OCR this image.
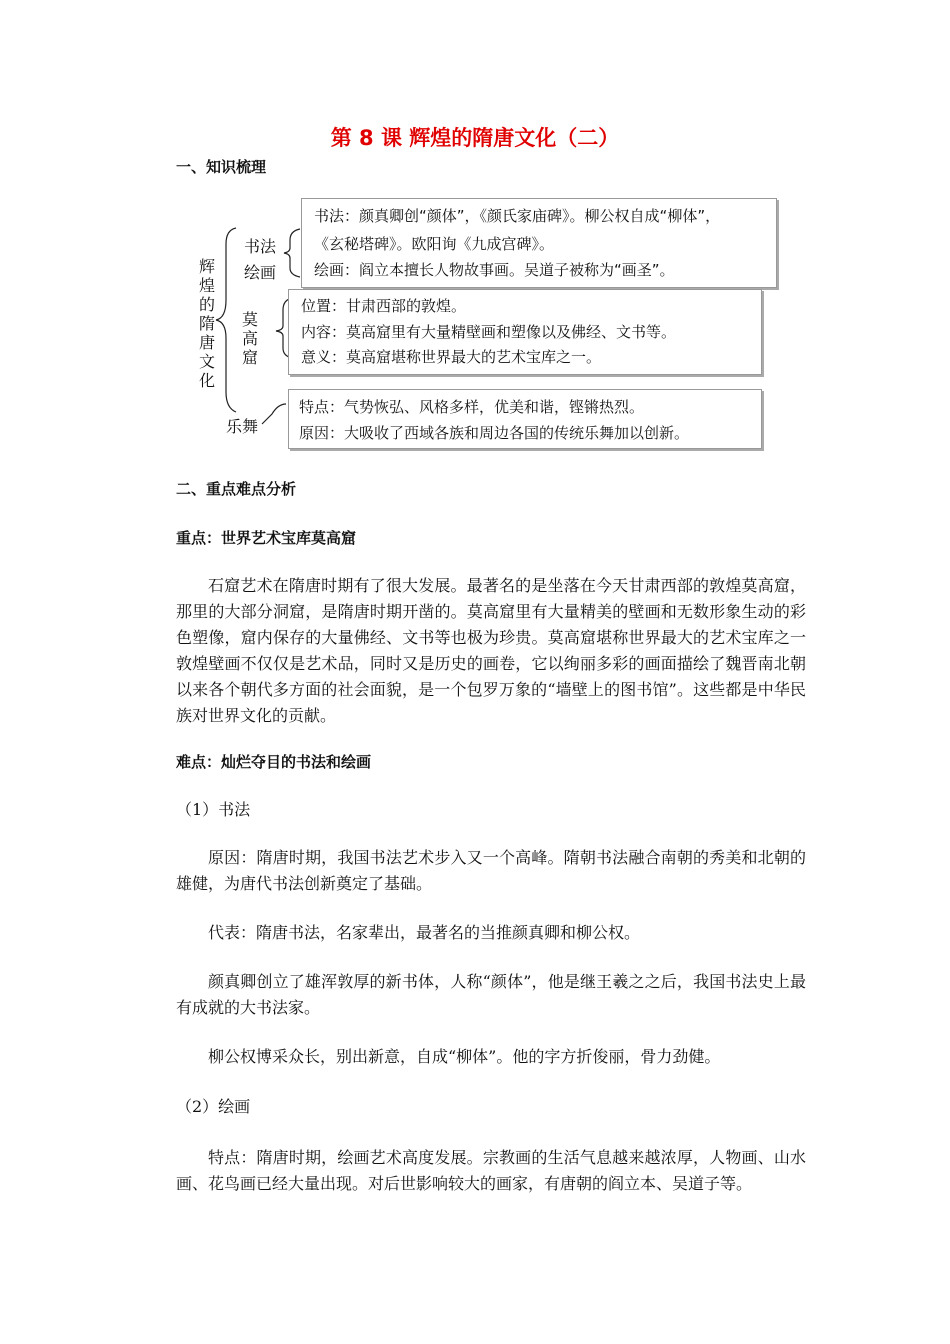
第 8 课 辉煌的隋唐文化（二）
一、知识梳理
辉煌的隋唐文化
书法
绘画
莫高窟
乐舞
书法：颜真卿创“颜体”，《颜氏家庙碑》。柳公权自成“柳体”，
《玄秘塔碑》。欧阳询《九成宫碑》。
绘画：阎立本擅长人物故事画。吴道子被称为“画圣”。
位置：甘肃西部的敦煌。
内容：莫高窟里有大量精壁画和塑像以及佛经、文书等。
意义：莫高窟堪称世界最大的艺术宝库之一。
特点：气势恢弘、风格多样，优美和谐，铿锵热烈。
原因：大吸收了西域各族和周边各国的传统乐舞加以创新。
二、重点难点分析
重点：世界艺术宝库莫高窟
石窟艺术在隋唐时期有了很大发展。最著名的是坐落在今天甘肃西部的敦煌莫高窟，那里的大部分洞窟，是隋唐时期开凿的。莫高窟里有大量精美的壁画和无数形象生动的彩色塑像，窟内保存的大量佛经、文书等也极为珍贵。莫高窟堪称世界最大的艺术宝库之一敦煌壁画不仅仅是艺术品，同时又是历史的画卷，它以绚丽多彩的画面描绘了魏晋南北朝以来各个朝代多方面的社会面貌，是一个包罗万象的“墙壁上的图书馆”。这些都是中华民族对世界文化的贡献。
难点：灿烂夺目的书法和绘画
（1）书法
原因：隋唐时期，我国书法艺术步入又一个高峰。隋朝书法融合南朝的秀美和北朝的雄健，为唐代书法创新奠定了基础。
代表：隋唐书法，名家辈出，最著名的当推颜真卿和柳公权。
颜真卿创立了雄浑敦厚的新书体，人称“颜体”，他是继王羲之之后，我国书法史上最有成就的大书法家。
柳公权博采众长，别出新意，自成“柳体”。他的字方折俊丽，骨力劲健。
（2）绘画
特点：隋唐时期，绘画艺术高度发展。宗教画的生活气息越来越浓厚，人物画、山水画、花鸟画已经大量出现。对后世影响较大的画家，有唐朝的阎立本、吴道子等。
